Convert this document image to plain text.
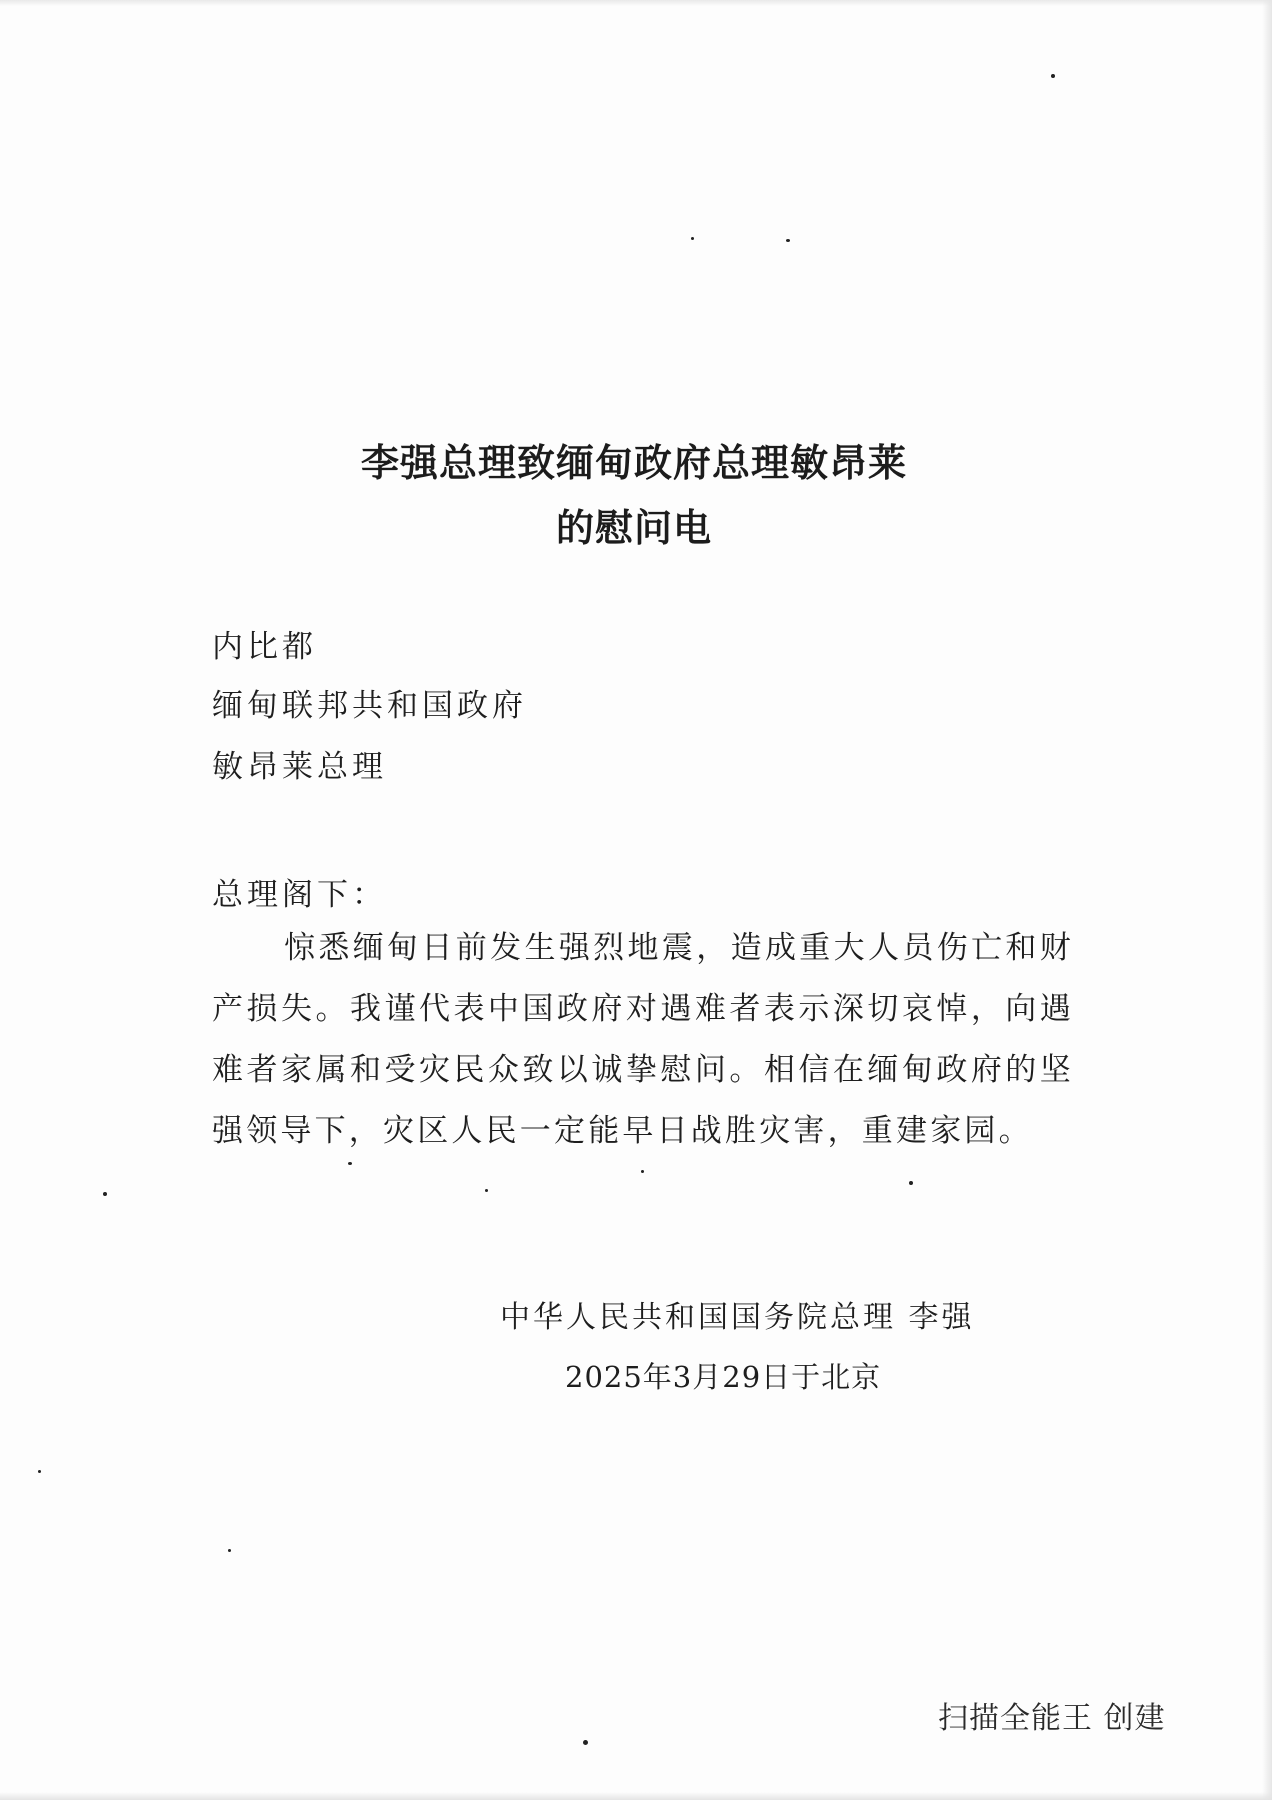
李强总理致缅甸政府总理敏昂莱
的慰问电
内比都
缅甸联邦共和国政府
敏昂莱总理
总理阁下：
惊悉缅甸日前发生强烈地震，造成重大人员伤亡和财产损失。我谨代表中国政府对遇难者表示深切哀悼，向遇难者家属和受灾民众致以诚挚慰问。相信在缅甸政府的坚强领导下，灾区人民一定能早日战胜灾害，重建家园。
中华人民共和国国务院总理 李强
2025年3月29日于北京
扫描全能王 创建
